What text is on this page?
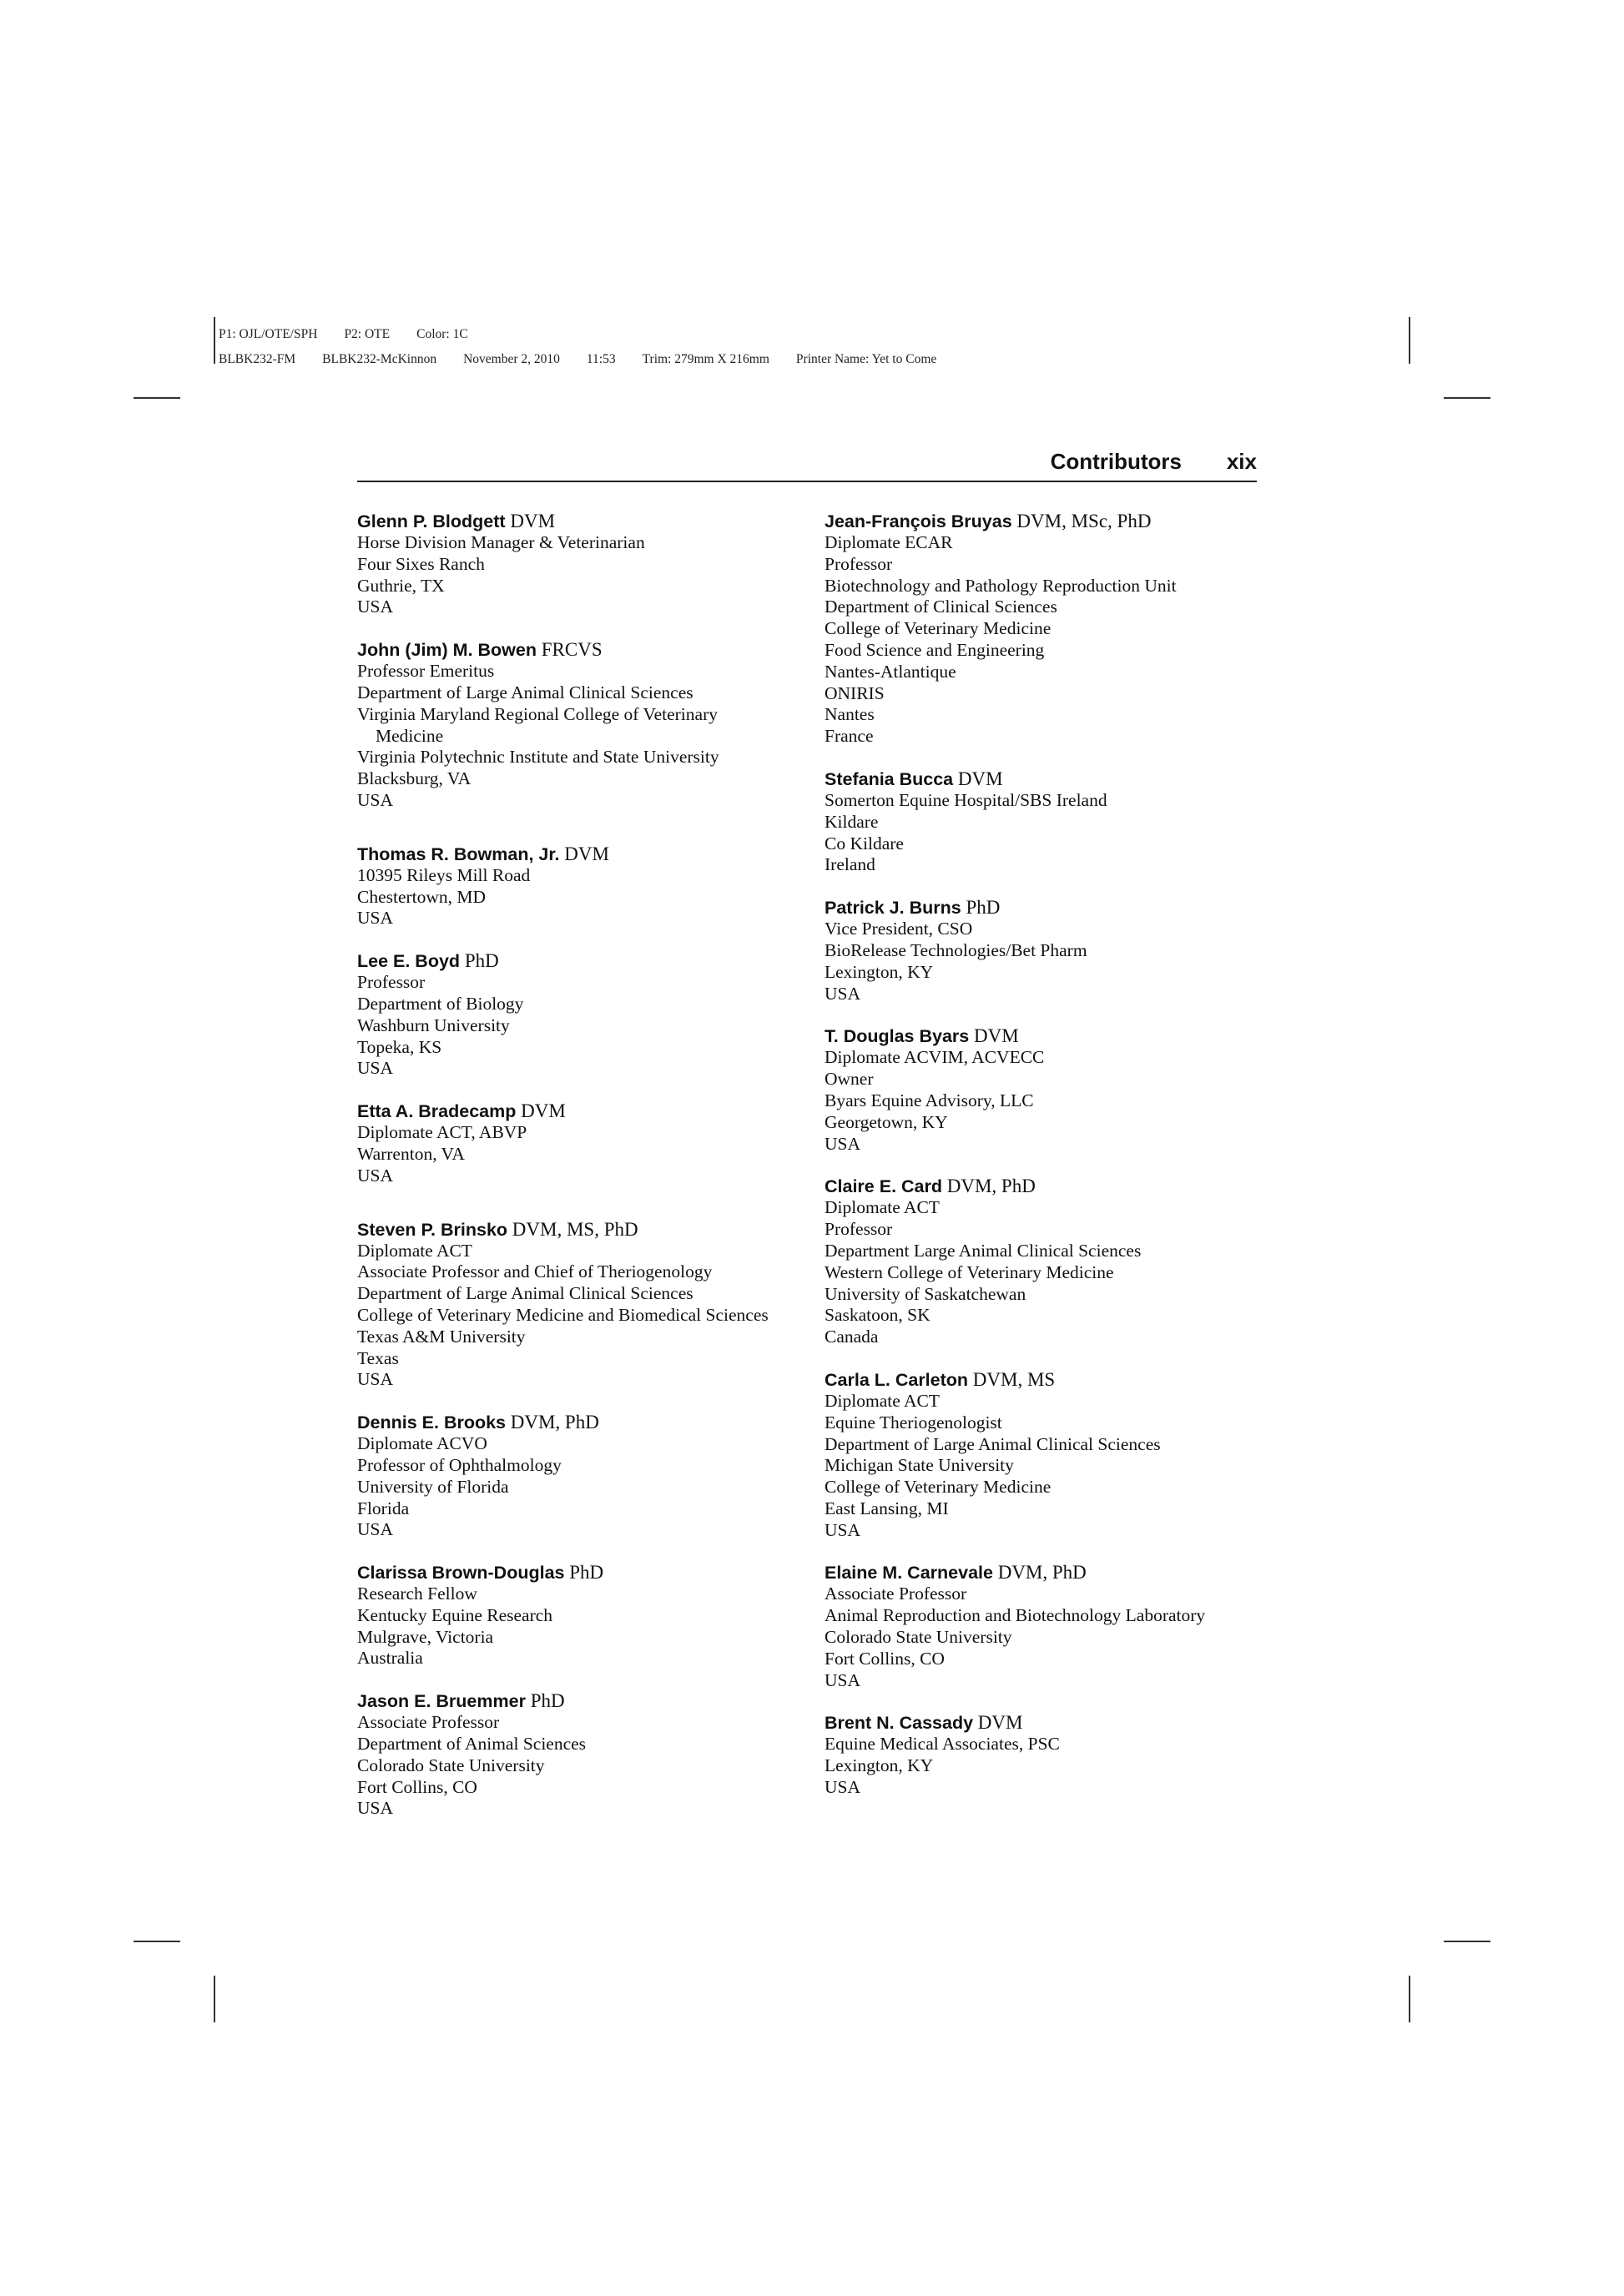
P1: OJL/OTE/SPH P2: OTE Color: 1C
BLBK232-FM BLBK232-McKinnon November 2, 2010 11:53 Trim: 279mm X 216mm Printer Name: Yet to Come
Contributors xix
Glenn P. Blodgett DVM
Horse Division Manager & Veterinarian
Four Sixes Ranch
Guthrie, TX
USA
John (Jim) M. Bowen FRCVS
Professor Emeritus
Department of Large Animal Clinical Sciences
Virginia Maryland Regional College of Veterinary
Medicine
Virginia Polytechnic Institute and State University
Blacksburg, VA
USA
Thomas R. Bowman, Jr. DVM
10395 Rileys Mill Road
Chestertown, MD
USA
Lee E. Boyd PhD
Professor
Department of Biology
Washburn University
Topeka, KS
USA
Etta A. Bradecamp DVM
Diplomate ACT, ABVP
Warrenton, VA
USA
Steven P. Brinsko DVM, MS, PhD
Diplomate ACT
Associate Professor and Chief of Theriogenology
Department of Large Animal Clinical Sciences
College of Veterinary Medicine and Biomedical Sciences
Texas A&M University
Texas
USA
Dennis E. Brooks DVM, PhD
Diplomate ACVO
Professor of Ophthalmology
University of Florida
Florida
USA
Clarissa Brown-Douglas PhD
Research Fellow
Kentucky Equine Research
Mulgrave, Victoria
Australia
Jason E. Bruemmer PhD
Associate Professor
Department of Animal Sciences
Colorado State University
Fort Collins, CO
USA
Jean-François Bruyas DVM, MSc, PhD
Diplomate ECAR
Professor
Biotechnology and Pathology Reproduction Unit
Department of Clinical Sciences
College of Veterinary Medicine
Food Science and Engineering
Nantes-Atlantique
ONIRIS
Nantes
France
Stefania Bucca DVM
Somerton Equine Hospital/SBS Ireland
Kildare
Co Kildare
Ireland
Patrick J. Burns PhD
Vice President, CSO
BioRelease Technologies/Bet Pharm
Lexington, KY
USA
T. Douglas Byars DVM
Diplomate ACVIM, ACVECC
Owner
Byars Equine Advisory, LLC
Georgetown, KY
USA
Claire E. Card DVM, PhD
Diplomate ACT
Professor
Department Large Animal Clinical Sciences
Western College of Veterinary Medicine
University of Saskatchewan
Saskatoon, SK
Canada
Carla L. Carleton DVM, MS
Diplomate ACT
Equine Theriogenologist
Department of Large Animal Clinical Sciences
Michigan State University
College of Veterinary Medicine
East Lansing, MI
USA
Elaine M. Carnevale DVM, PhD
Associate Professor
Animal Reproduction and Biotechnology Laboratory
Colorado State University
Fort Collins, CO
USA
Brent N. Cassady DVM
Equine Medical Associates, PSC
Lexington, KY
USA
